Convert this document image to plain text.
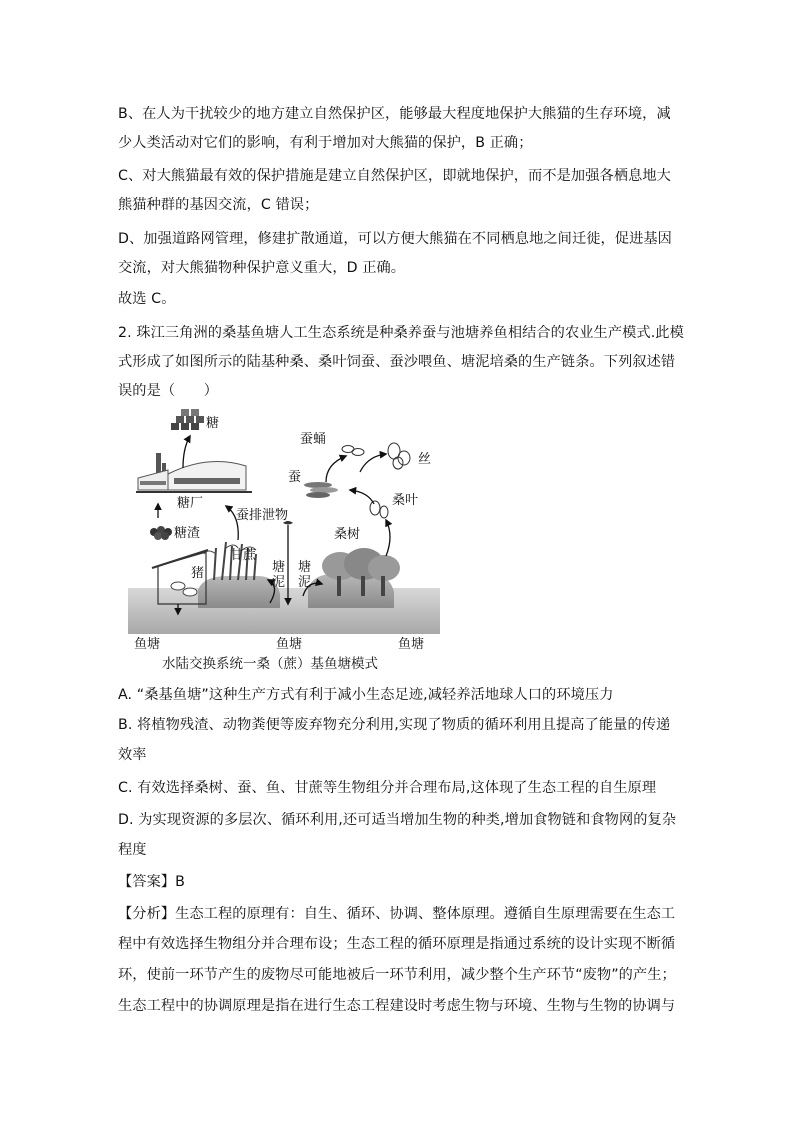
B、在人为干扰较少的地方建立自然保护区，能够最大程度地保护大熊猫的生存环境，减
少人类活动对它们的影响，有利于增加对大熊猫的保护，B 正确；
C、对大熊猫最有效的保护措施是建立自然保护区，即就地保护，而不是加强各栖息地大
熊猫种群的基因交流，C 错误；
D、加强道路网管理，修建扩散通道，可以方便大熊猫在不同栖息地之间迁徙，促进基因
交流，对大熊猫物种保护意义重大，D 正确。
故选 C。
2. 珠江三角洲的桑基鱼塘人工生态系统是种桑养蚕与池塘养鱼相结合的农业生产模式.此模
式形成了如图所示的陆基种桑、桑叶饲蚕、蚕沙喂鱼、塘泥培桑的生产链条。下列叙述错
误的是（　　）
糖
蚕蛹
丝
蚕
桑叶
糖厂
蚕排泄物
桑树
糖渣
甘蔗
猪	塘泥
塘泥
鱼塘	鱼塘	鱼塘
水陆交换系统一桑（蔗）基鱼塘模式
A. “桑基鱼塘”这种生产方式有利于减小生态足迹,减轻养活地球人口的环境压力
B. 将植物残渣、动物粪便等废弃物充分利用,实现了物质的循环利用且提高了能量的传递
效率
C. 有效选择桑树、蚕、鱼、甘蔗等生物组分并合理布局,这体现了生态工程的自生原理
D. 为实现资源的多层次、循环利用,还可适当增加生物的种类,增加食物链和食物网的复杂
程度
【答案】B
【分析】生态工程的原理有：自生、循环、协调、整体原理。遵循自生原理需要在生态工
程中有效选择生物组分并合理布设；生态工程的循环原理是指通过系统的设计实现不断循
环，使前一环节产生的废物尽可能地被后一环节利用，减少整个生产环节“废物”的产生；
生态工程中的协调原理是指在进行生态工程建设时考虑生物与环境、生物与生物的协调与
